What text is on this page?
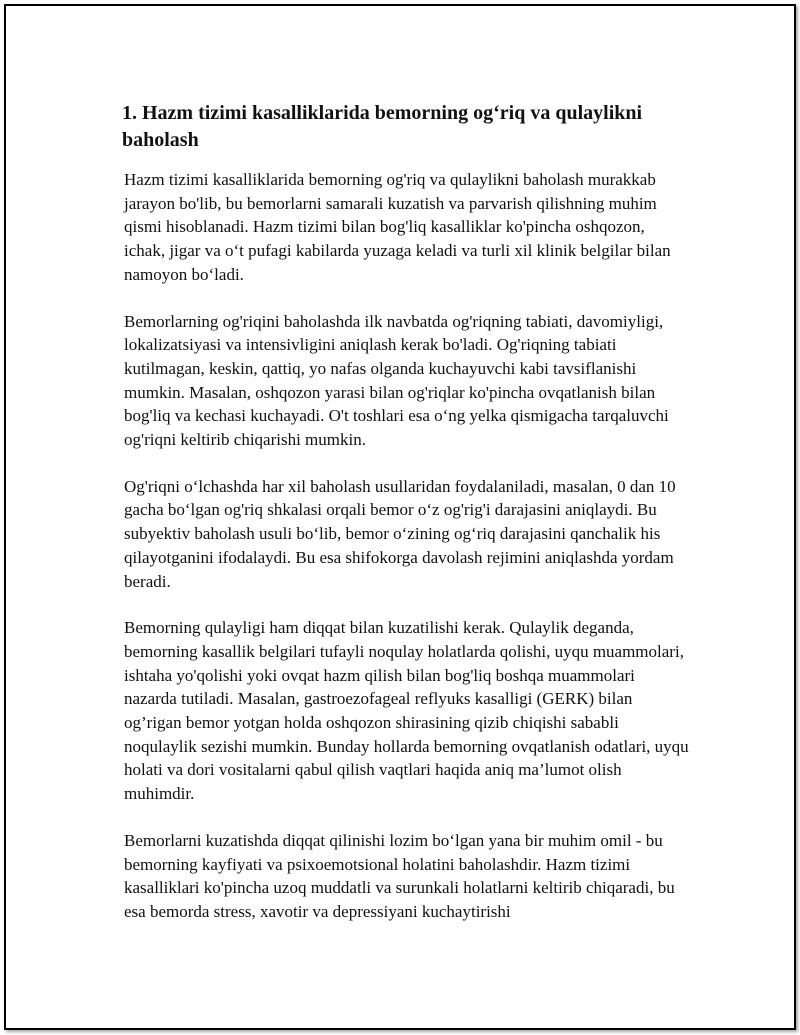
1. Hazm tizimi kasalliklarida bemorning og‘riq va qulaylikni baholash

Hazm tizimi kasalliklarida bemorning og'riq va qulaylikni baholash murakkab jarayon bo'lib, bu bemorlarni samarali kuzatish va parvarish qilishning muhim qismi hisoblanadi. Hazm tizimi bilan bog'liq kasalliklar ko'pincha oshqozon, ichak, jigar va o‘t pufagi kabilarda yuzaga keladi va turli xil klinik belgilar bilan namoyon bo‘ladi.

Bemorlarning og'riqini baholashda ilk navbatda og'riqning tabiati, davomiyligi, lokalizatsiyasi va intensivligini aniqlash kerak bo'ladi. Og'riqning tabiati kutilmagan, keskin, qattiq, yo nafas olganda kuchayuvchi kabi tavsiflanishi mumkin. Masalan, oshqozon yarasi bilan og'riqlar ko'pincha ovqatlanish bilan bog'liq va kechasi kuchayadi. O't toshlari esa o‘ng yelka qismigacha tarqaluvchi og'riqni keltirib chiqarishi mumkin.

Og'riqni o‘lchashda har xil baholash usullaridan foydalaniladi, masalan, 0 dan 10 gacha bo‘lgan og'riq shkalasi orqali bemor o‘z og'rig'i darajasini aniqlaydi. Bu subyektiv baholash usuli bo‘lib, bemor o‘zining og‘riq darajasini qanchalik his qilayotganini ifodalaydi. Bu esa shifokorga davolash rejimini aniqlashda yordam beradi.

Bemorning qulayligi ham diqqat bilan kuzatilishi kerak. Qulaylik deganda, bemorning kasallik belgilari tufayli noqulay holatlarda qolishi, uyqu muammolari, ishtaha yo'qolishi yoki ovqat hazm qilish bilan bog'liq boshqa muammolari nazarda tutiladi. Masalan, gastroezofageal reflyuks kasalligi (GERK) bilan og’rigan bemor yotgan holda oshqozon shirasining qizib chiqishi sababli noqulaylik sezishi mumkin. Bunday hollarda bemorning ovqatlanish odatlari, uyqu holati va dori vositalarni qabul qilish vaqtlari haqida aniq ma’lumot olish muhimdir.

Bemorlarni kuzatishda diqqat qilinishi lozim bo‘lgan yana bir muhim omil - bu bemorning kayfiyati va psixoemotsional holatini baholashdir. Hazm tizimi kasalliklari ko'pincha uzoq muddatli va surunkali holatlarni keltirib chiqaradi, bu esa bemorda stress, xavotir va depressiyani kuchaytirishi
